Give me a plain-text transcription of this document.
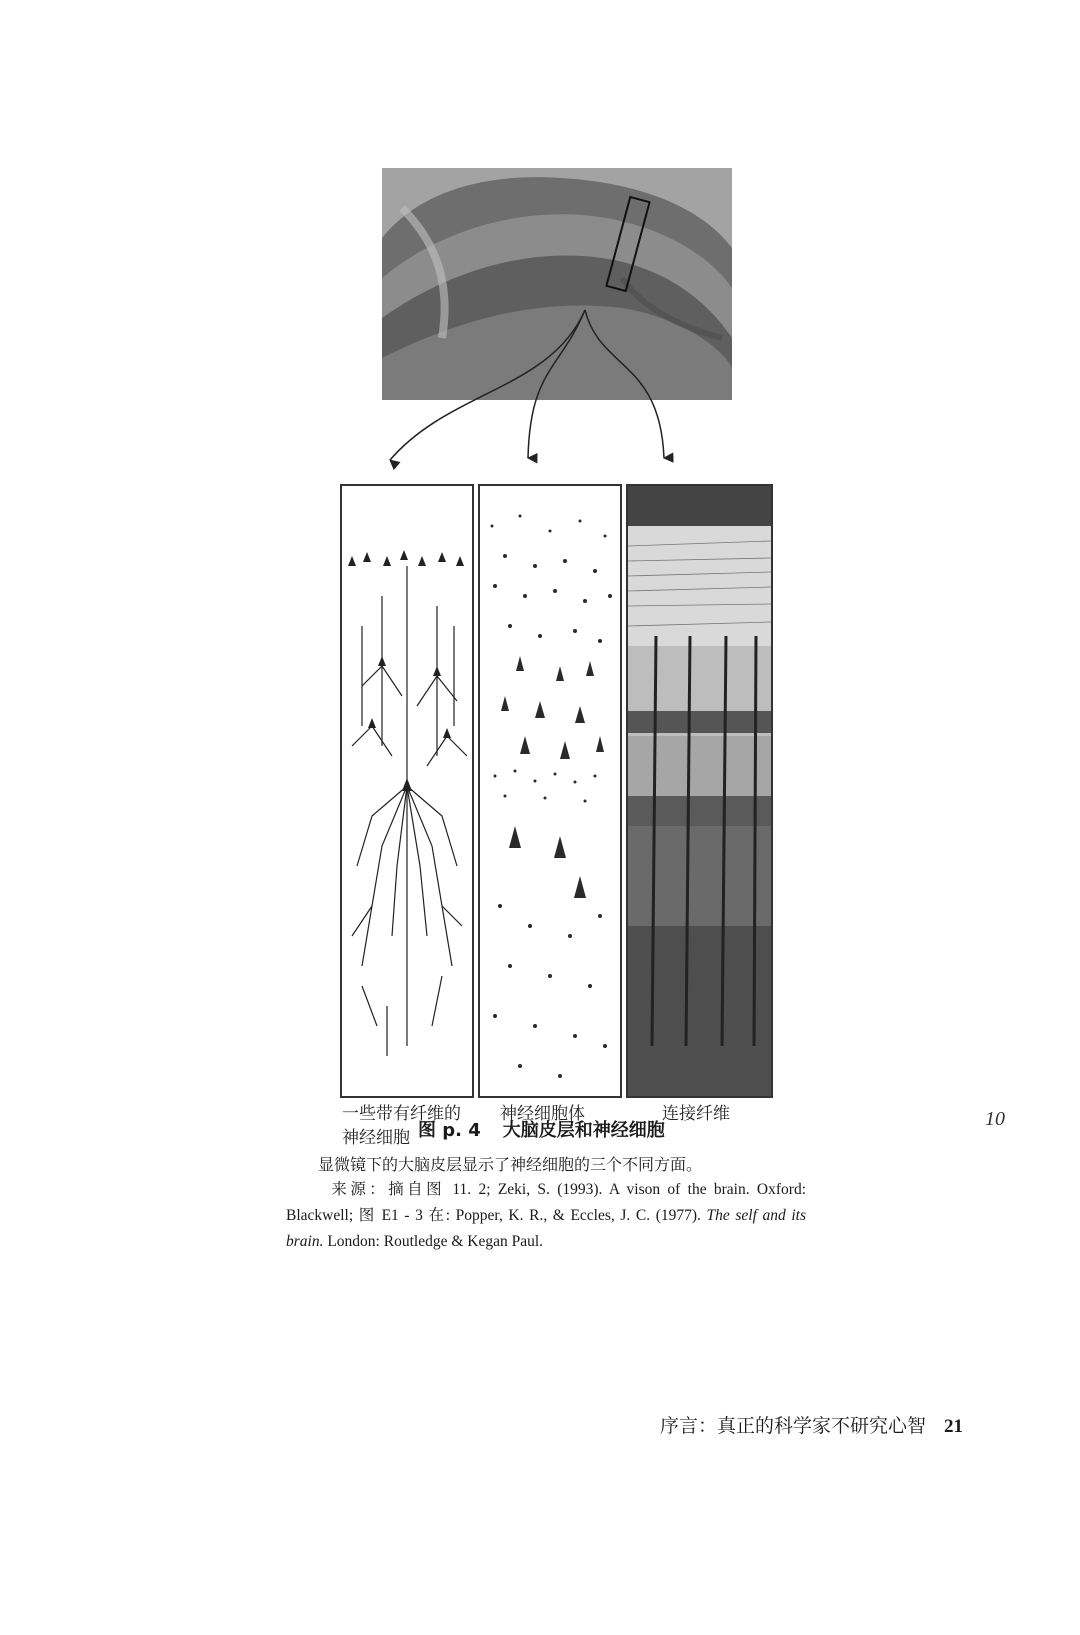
一些带有纤维的神经细胞
神经细胞体	连接纤维
图 p. 4 大脑皮层和神经细胞
10
显微镜下的大脑皮层显示了神经细胞的三个不同方面。
来源：摘自图 11. 2; Zeki, S. (1993). A vison of the brain. Oxford: Blackwell; 图 E1 - 3 在: Popper, K. R., & Eccles, J. C. (1977). The self and its brain. London: Routledge & Kegan Paul.
序言：真正的科学家不研究心智 21
